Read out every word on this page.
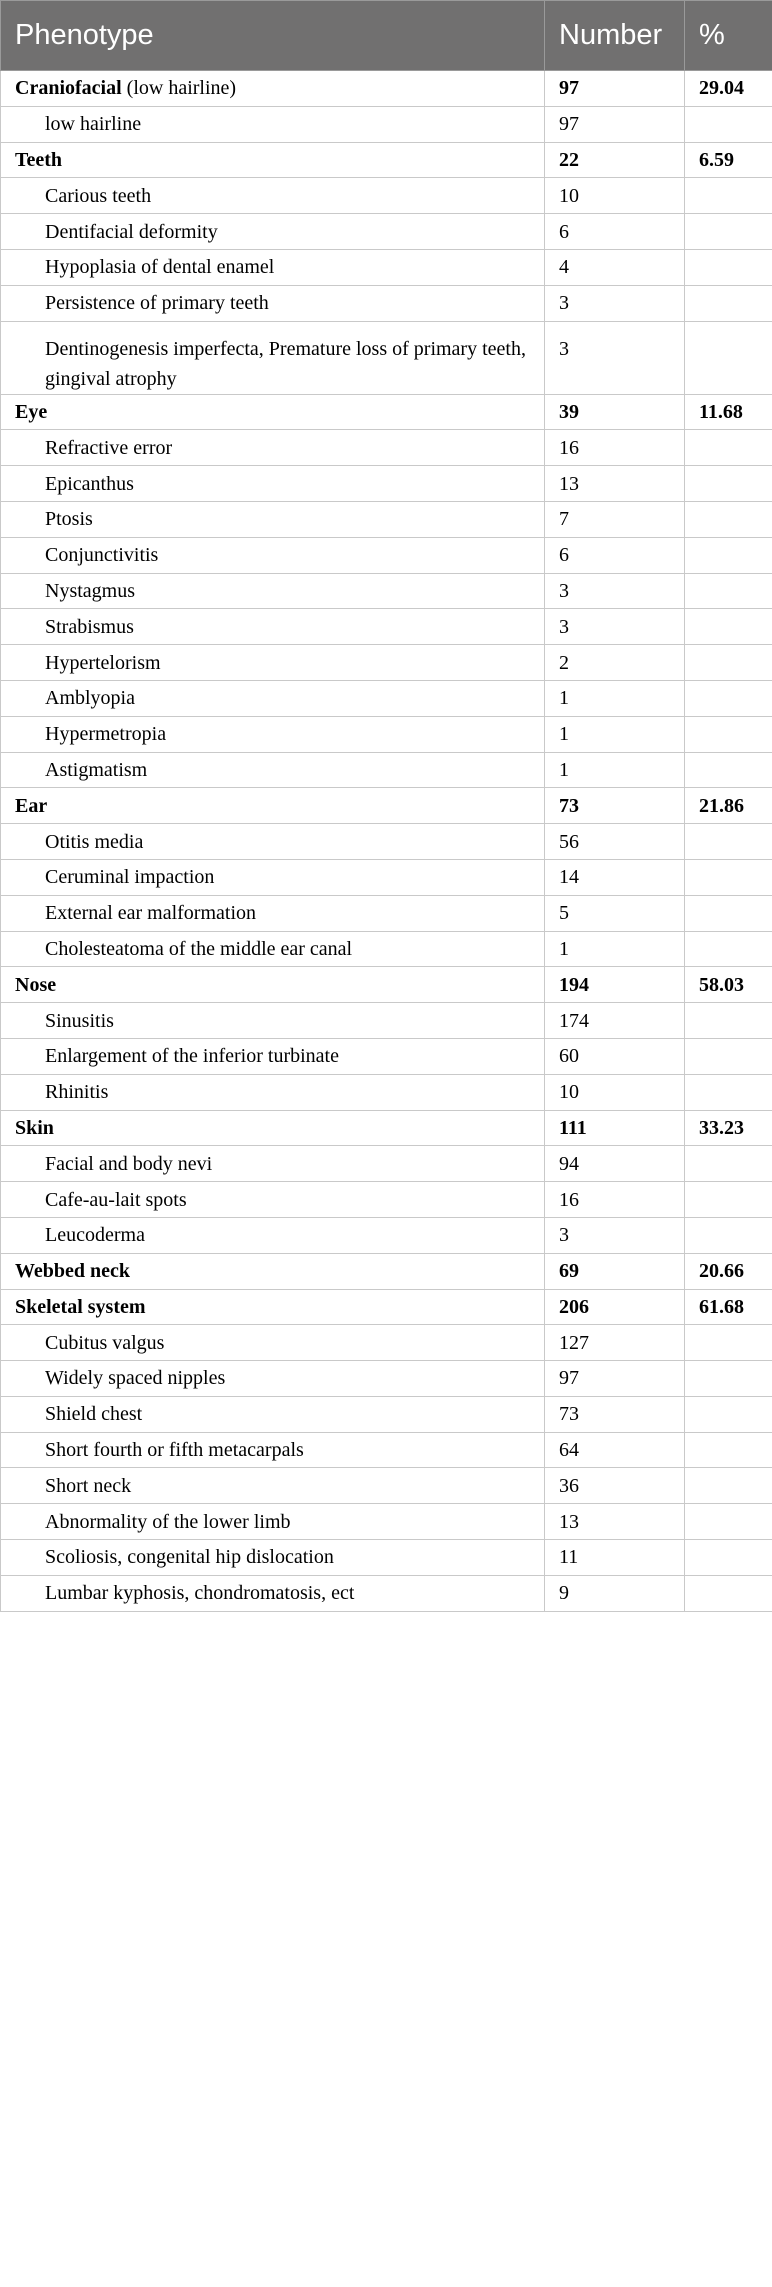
Phenotype	Number	%
Craniofacial (low hairline)	97	29.04
low hairline	97	
Teeth	22	6.59
Carious teeth	10	
Dentifacial deformity	6	
Hypoplasia of dental enamel	4	
Persistence of primary teeth	3	
Dentinogenesis imperfecta, Premature loss of primary teeth, gingival atrophy	3	
Eye	39	11.68
Refractive error	16	
Epicanthus	13	
Ptosis	7	
Conjunctivitis	6	
Nystagmus	3	
Strabismus	3	
Hypertelorism	2	
Amblyopia	1	
Hypermetropia	1	
Astigmatism	1	
Ear	73	21.86
Otitis media	56	
Ceruminal impaction	14	
External ear malformation	5	
Cholesteatoma of the middle ear canal	1	
Nose	194	58.03
Sinusitis	174	
Enlargement of the inferior turbinate	60	
Rhinitis	10	
Skin	111	33.23
Facial and body nevi	94	
Cafe-au-lait spots	16	
Leucoderma	3	
Webbed neck	69	20.66
Skeletal system	206	61.68
Cubitus valgus	127	
Widely spaced nipples	97	
Shield chest	73	
Short fourth or fifth metacarpals	64	
Short neck	36	
Abnormality of the lower limb	13	
Scoliosis, congenital hip dislocation	11	
Lumbar kyphosis, chondromatosis, ect	9	
